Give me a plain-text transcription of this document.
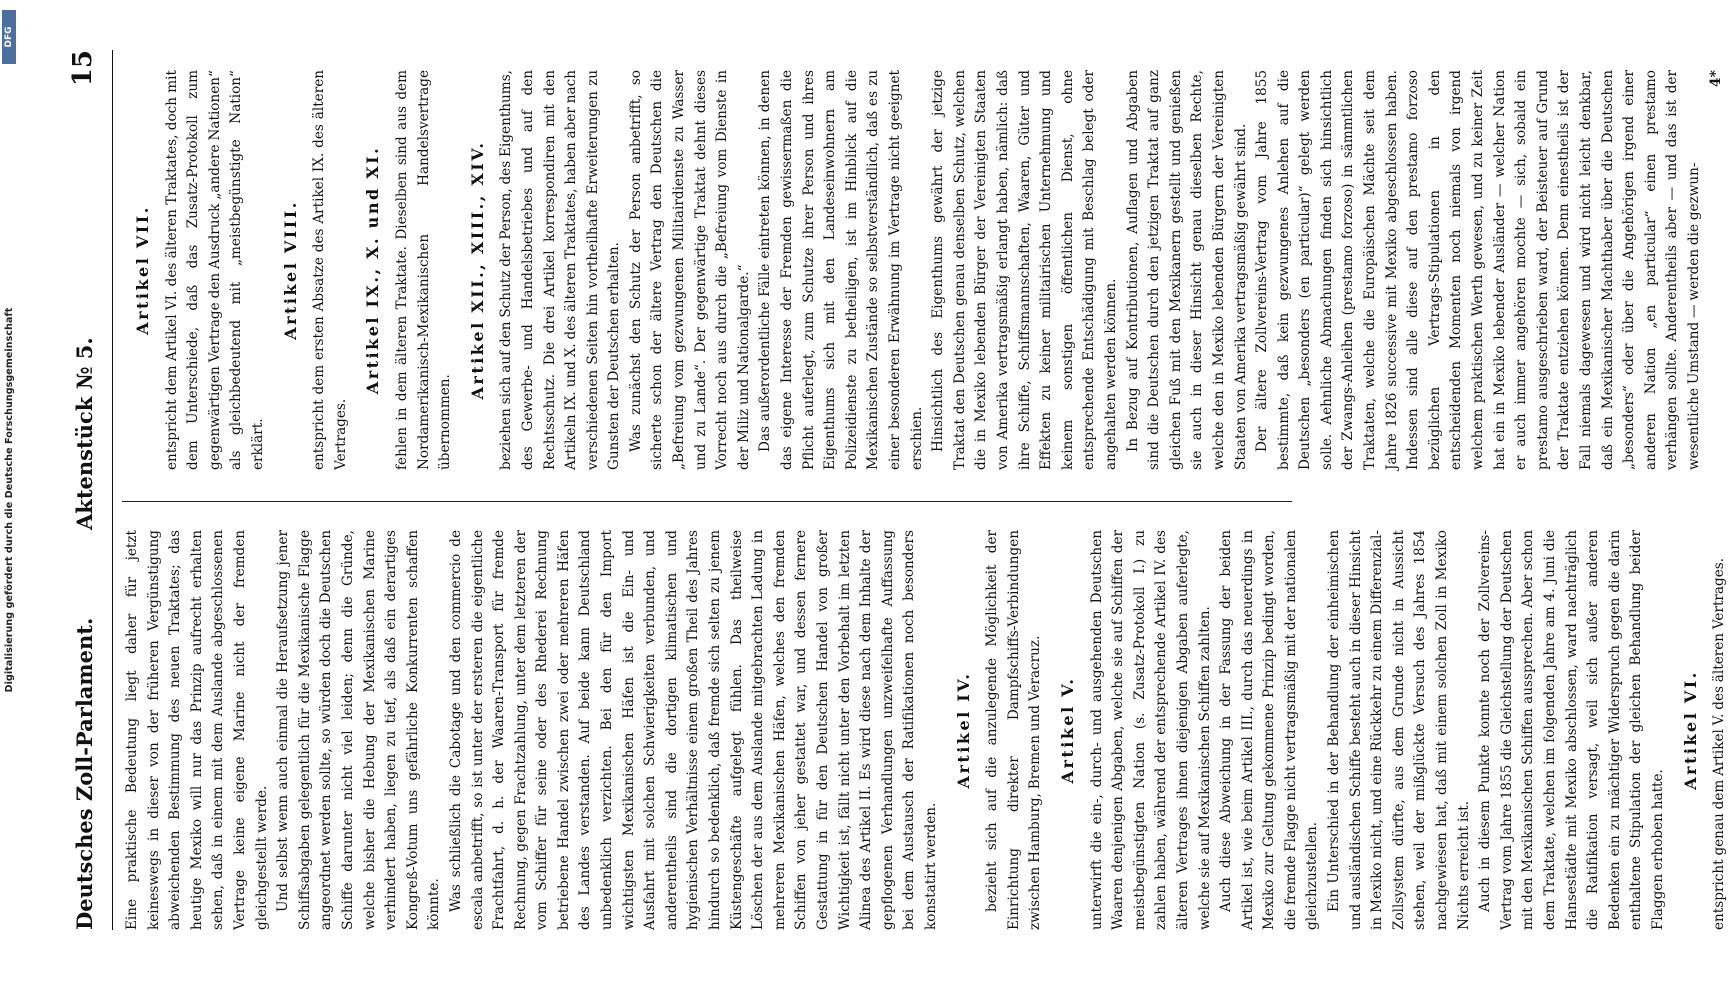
Digitalisierung gefördert durch die Deutsche Forschungsgemeinschaft
DFG
Deutsches Zoll-Parlament.
Aktenstück № 5.
15

Eine praktische Bedeutung liegt daher für jetzt keineswegs in dieser von der früheren Vergünstigung abweichenden Bestimmung des neuen Traktates; das heutige Mexiko will nur das Prinzip aufrecht erhalten sehen, daß in einem mit dem Auslande abgeschlossenen Vertrage keine eigene Marine nicht der fremden gleichgestellt werde. Und selbst wenn auch einmal die Heraufsetzung jener Schiffsabgaben gelegentlich für die Mexikanische Flagge angeordnet werden sollte, so würden doch die Deutschen Schiffe darunter nicht viel leiden; denn die Gründe, welche bisher die Hebung der Mexikanischen Marine verhindert haben, liegen zu tief, als daß ein derartiges Kongreß-Votum uns gefährliche Konkurrenten schaffen könnte. Was schließlich die Cabotage und den commercio de escala anbetrifft, so ist unter der ersteren die eigentliche Frachtfahrt, d. h. der Waaren-Transport für fremde Rechnung, gegen Frachtzahlung, unter dem letzteren der vom Schiffer für seine oder des Rhederei Rechnung betriebene Handel zwischen zwei oder mehreren Häfen des Landes verstanden. Auf beide kann Deutschland unbedenklich verzichten. Bei den für den Import wichtigsten Mexikanischen Häfen ist die Ein- und Ausfahrt mit solchen Schwierigkeiten verbunden, und anderentheils sind die dortigen klimatischen und hygienischen Verhältnisse einem großen Theil des Jahres hindurch so bedenklich, daß fremde sich selten zu jenem Küstengeschäfte aufgelegt fühlen. Das theilweise Löschen der aus dem Auslande mitgebrachten Ladung in mehreren Mexikanischen Häfen, welches den fremden Schiffen von jeher gestattet war, und dessen fernere Gestattung in für den Deutschen Handel von großer Wichtigkeit ist, fällt nicht unter den Vorbehalt im letzten Alinea des Artikel II. Es wird diese nach dem Inhalte der gepflogenen Verhandlungen unzweifelhafte Auffassung bei dem Austausch der Ratifikationen noch besonders konstatirt werden.

Artikel IV. bezieht sich auf die anzulegende Möglichkeit der Einrichtung direkter Dampfschiffs-Verbindungen zwischen Hamburg, Bremen und Veracruz. Artikel V. unterwirft die ein-, durch- und ausgehenden Deutschen Waaren denjenigen Abgaben, welche sie auf Schiffen der meistbegünstigten Nation (s. Zusatz-Protokoll I.) zu zahlen haben, während der entsprechende Artikel IV. des älteren Vertrages ihnen diejenigen Abgaben auferlegte, welche sie auf Mexikanischen Schiffen zahlten. Auch diese Abweichung in der Fassung der beiden Artikel ist, wie beim Artikel III., durch das neuerdings in Mexiko zur Geltung gekommene Prinzip bedingt worden, die fremde Flagge nicht vertragsmäßig mit der nationalen gleichzustellen. Ein Unterschied in der Behandlung der einheimischen und ausländischen Schiffe besteht auch in dieser Hinsicht in Mexiko nicht, und eine Rückkehr zu einem Differenzial-Zollsystem dürfte, aus dem Grunde nicht in Aussicht stehen, weil der mißglückte Versuch des Jahres 1854 nachgewiesen hat, daß mit einem solchen Zoll in Mexiko Nichts erreicht ist. Auch in diesem Punkte konnte noch der Zollvereins-Vertrag vom Jahre 1855 die Gleichstellung der Deutschen mit den Mexikanischen Schiffen aussprechen. Aber schon dem Traktate, welchen im folgenden Jahre am 4. Juni die Hansestädte mit Mexiko abschlossen, ward nachträglich die Ratifikation versagt, weil sich außer anderen Bedenken ein zu mächtiger Widerspruch gegen die darin enthaltene Stipulation der gleichen Behandlung beider Flaggen erhoben hatte.

Artikel VI. entspricht genau dem Artikel V. des älteren Vertrages.

Artikel VII. entspricht dem Artikel VI. des älteren Traktates, doch mit dem Unterschiede, daß das Zusatz-Protokoll zum gegenwärtigen Vertrage den Ausdruck „andere Nationen“ als gleichbedeutend mit „meistbegünstigte Nation“ erklärt.

Artikel VIII. entspricht dem ersten Absatze des Artikel IX. des älteren Vertrages.

Artikel IX., X. und XI. fehlen in dem älteren Traktate. Dieselben sind aus dem Nordamerikanisch-Mexikanischen Handelsvertrage übernommen.

Artikel XII., XIII., XIV. beziehen sich auf den Schutz der Person, des Eigenthums, des Gewerbe- und Handelsbetriebes und auf den Rechtsschutz. Die drei Artikel korrespondiren mit den Artikeln IX. und X. des älteren Traktates, haben aber nach verschiedenen Seiten hin vortheilhafte Erweiterungen zu Gunsten der Deutschen erhalten. Was zunächst den Schutz der Person anbetrifft, so sicherte schon der ältere Vertrag den Deutschen die „Befreiung vom gezwungenen Militairdienste zu Wasser und zu Lande“. Der gegenwärtige Traktat dehnt dieses Vorrecht noch aus durch die „Befreiung vom Dienste in der Miliz und Nationalgarde.“ Das außerordentliche Fälle eintreten können, in denen das eigene Interesse der Fremden gewissermaßen die Pflicht auferlegt, zum Schutze ihrer Person und ihres Eigenthums sich mit den Landeseinwohnern am Polizeidienste zu betheiligen, ist im Hinblick auf die Mexikanischen Zustände so selbstverständlich, daß es zu einer besonderen Erwähnung im Vertrage nicht geeignet erschien. Hinsichtlich des Eigenthums gewährt der jetzige Traktat den Deutschen genau denselben Schutz, welchen die in Mexiko lebenden Bürger der Vereinigten Staaten von Amerika vertragsmäßig erlangt haben, nämlich: daß ihre Schiffe, Schiffsmannschaften, Waaren, Güter und Effekten zu keiner militairischen Unternehmung und keinem sonstigen öffentlichen Dienst, ohne entsprechende Entschädigung mit Beschlag belegt oder angehalten werden können. In Bezug auf Kontributionen, Auflagen und Abgaben sind die Deutschen durch den jetzigen Traktat auf ganz gleichen Fuß mit den Mexikanern gestellt und genießen sie auch in dieser Hinsicht genau dieselben Rechte, welche den in Mexiko lebenden Bürgern der Vereinigten Staaten von Amerika vertragsmäßig gewährt sind. Der ältere Zollvereins-Vertrag vom Jahre 1855 bestimmte, daß kein gezwungenes Anlehen auf die Deutschen „besonders (en particular)“ gelegt werden solle. Aehnliche Abmachungen finden sich hinsichtlich der Zwangs-Anleihen (prestamo forzoso) in sämmtlichen Traktaten, welche die Europäischen Mächte seit dem Jahre 1826 successive mit Mexiko abgeschlossen haben. Indessen sind alle diese auf den prestamo forzoso bezüglichen Vertrags-Stipulationen in den entscheidenden Momenten noch niemals von irgend welchem praktischen Werth gewesen, und zu keiner Zeit hat ein in Mexiko lebender Ausländer — welcher Nation er auch immer angehören mochte — sich, sobald ein prestamo ausgeschrieben ward, der Beisteuer auf Grund der Traktate entziehen können. Denn einestheils ist der Fall niemals dagewesen und wird nicht leicht denkbar, daß ein Mexikanischer Machthaber über die Deutschen „besonders“ oder über die Angehörigen irgend einer anderen Nation „en particular“ einen prestamo verhängen sollte. Anderentheils aber — und das ist der wesentliche Umstand — werden die gezwun-

4*
